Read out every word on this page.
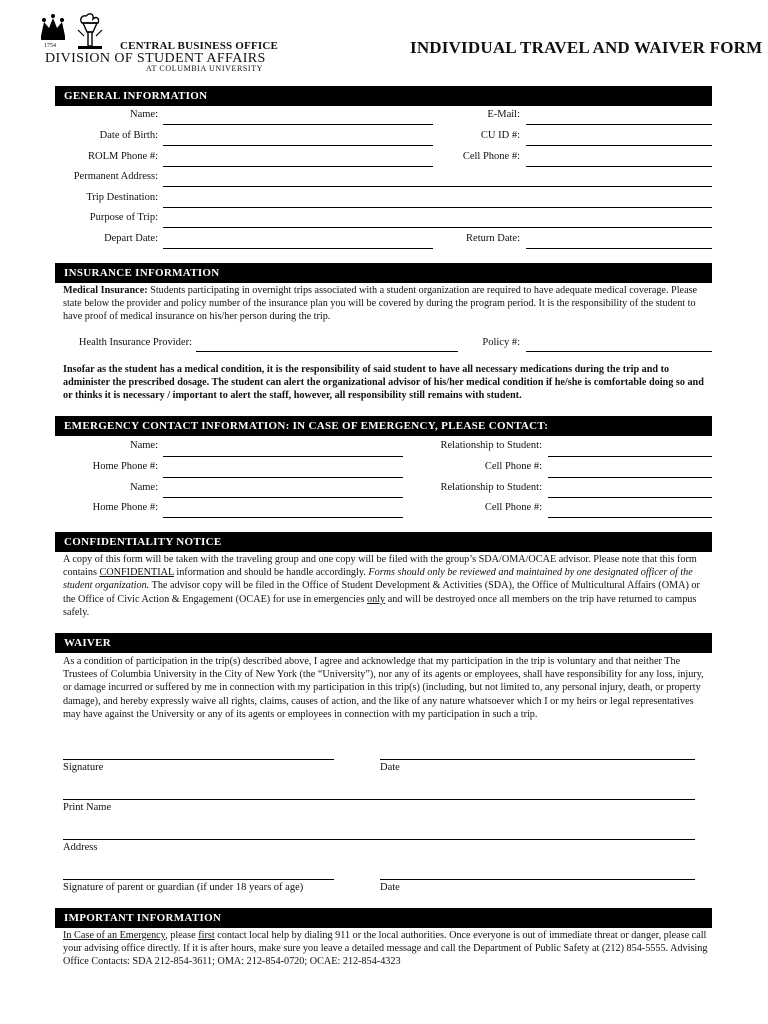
1754	CENTRAL BUSINESS OFFICE
DIVISION OF STUDENT AFFAIRS
AT COLUMBIA UNIVERSITY
INDIVIDUAL TRAVEL AND WAIVER FORM
GENERAL INFORMATION
Name:	E-Mail:
Date of Birth:	CU ID #:
ROLM Phone #:	Cell Phone #:
Permanent Address:
Trip Destination:
Purpose of Trip:
Depart Date:	Return Date:
INSURANCE INFORMATION
Medical Insurance: Students participating in overnight trips associated with a student organization are required to have adequate medical coverage. Please state below the provider and policy number of the insurance plan you will be covered by during the program period. It is the responsibility of the student to have proof of medical insurance on his/her person during the trip.
Health Insurance Provider:	Policy #:
Insofar as the student has a medical condition, it is the responsibility of said student to have all necessary medications during the trip and to administer the prescribed dosage. The student can alert the organizational advisor of his/her medical condition if he/she is comfortable doing so and or thinks it is necessary / important to alert the staff, however, all responsibility still remains with student.
EMERGENCY CONTACT INFORMATION: IN CASE OF EMERGENCY, PLEASE CONTACT:
Name:	Relationship to Student:
Home Phone #:	Cell Phone #:
Name:	Relationship to Student:
Home Phone #:	Cell Phone #:
CONFIDENTIALITY NOTICE
A copy of this form will be taken with the traveling group and one copy will be filed with the group’s SDA/OMA/OCAE advisor. Please note that this form contains CONFIDENTIAL information and should be handle accordingly. Forms should only be reviewed and maintained by one designated officer of the student organization. The advisor copy will be filed in the Office of Student Development & Activities (SDA), the Office of Multicultural Affairs (OMA) or the Office of Civic Action & Engagement (OCAE) for use in emergencies only and will be destroyed once all members on the trip have returned to campus safely.
WAIVER
As a condition of participation in the trip(s) described above, I agree and acknowledge that my participation in the trip is voluntary and that neither The Trustees of Columbia University in the City of New York (the “University”), nor any of its agents or employees, shall have responsibility for any loss, injury, or damage incurred or suffered by me in connection with my participation in this trip(s) (including, but not limited to, any personal injury, death, or property damage), and hereby expressly waive all rights, claims, causes of action, and the like of any nature whatsoever which I or my heirs or legal representatives may have against the University or any of its agents or employees in connection with my participation in such a trip.
Signature	Date
Print Name
Address
Signature of parent or guardian (if under 18 years of age)	Date
IMPORTANT INFORMATION
In Case of an Emergency, please first contact local help by dialing 911 or the local authorities. Once everyone is out of immediate threat or danger, please call your advising office directly. If it is after hours, make sure you leave a detailed message and call the Department of Public Safety at (212) 854-5555. Advising Office Contacts: SDA 212-854-3611; OMA: 212-854-0720; OCAE: 212-854-4323
